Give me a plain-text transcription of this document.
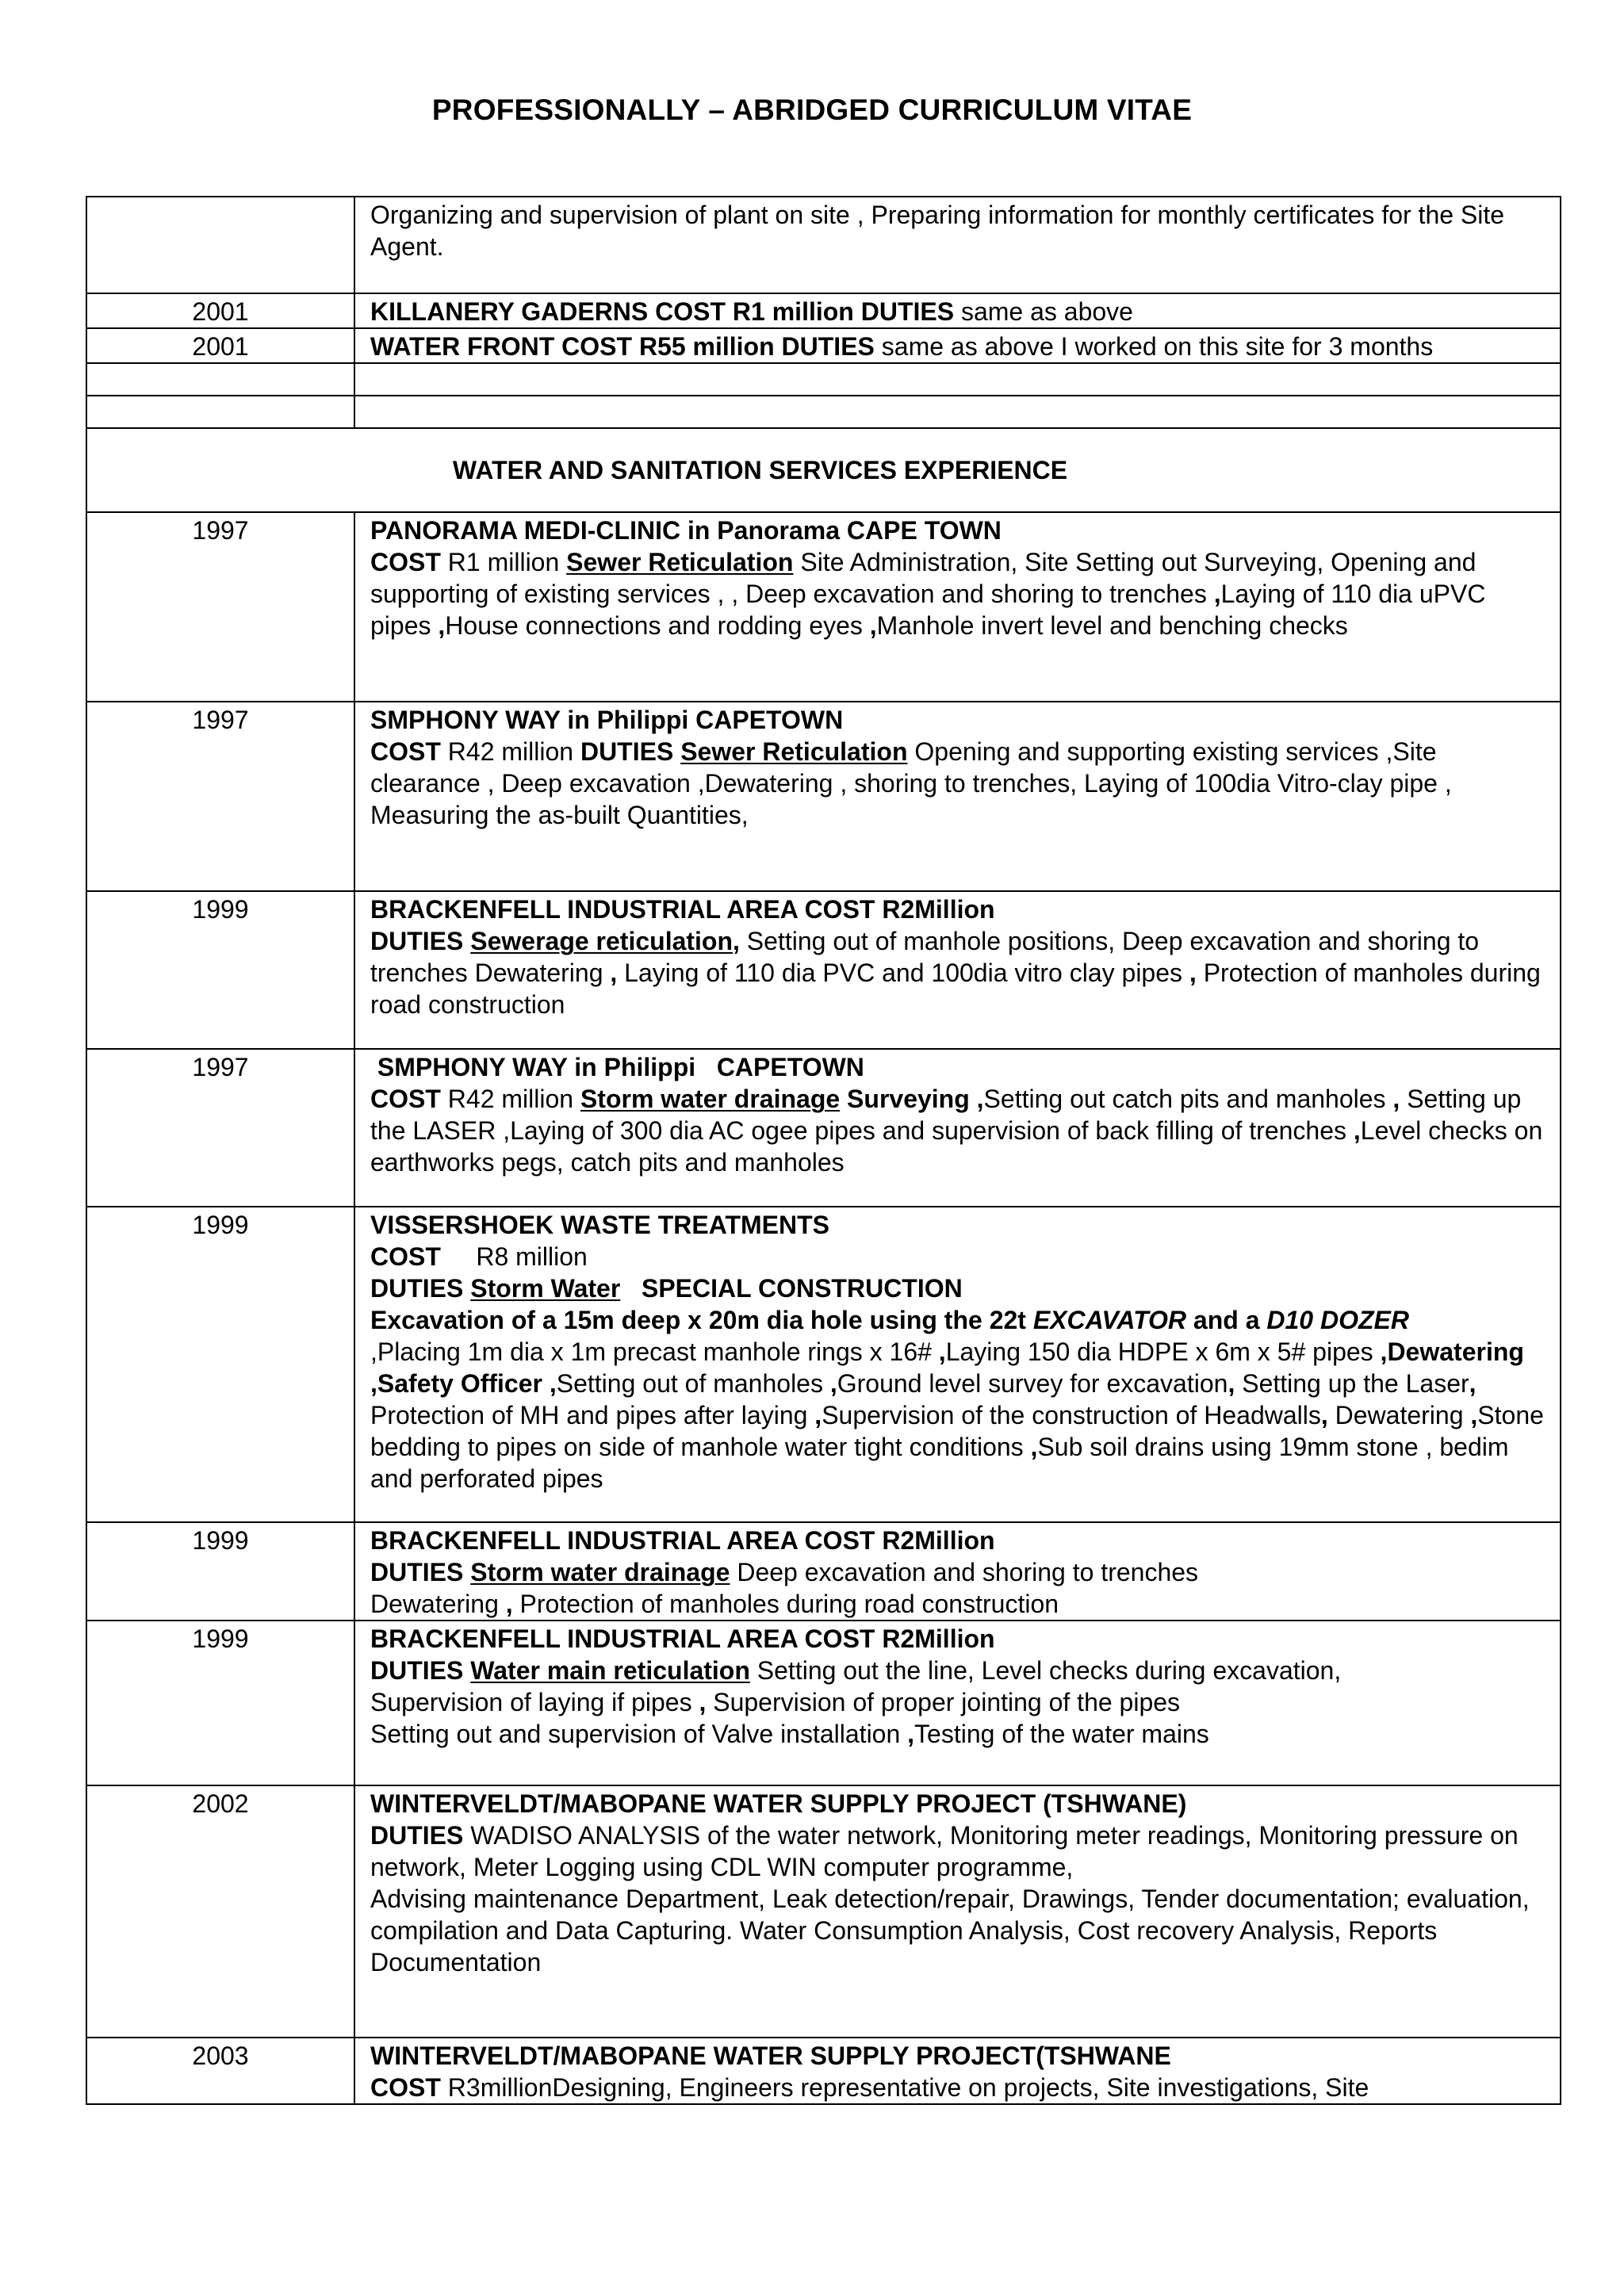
PROFESSIONALLY – ABRIDGED CURRICULUM VITAE
	Organizing and supervision of plant on site , Preparing information for monthly certificates for the Site Agent.
2001	KILLANERY GADERNS COST R1 million DUTIES same as above
2001	WATER FRONT COST R55 million DUTIES same as above I worked on this site for 3 months

WATER AND SANITATION SERVICES EXPERIENCE	
1997	PANORAMA MEDI-CLINIC in Panorama CAPE TOWN
COST R1 million Sewer Reticulation Site Administration, Site Setting out Surveying, Opening and supporting of existing services , , Deep excavation and shoring to trenches ,Laying of 110 dia uPVC pipes ,House connections and rodding eyes ,Manhole invert level and benching checks
1997	SMPHONY WAY in Philippi CAPETOWN
COST R42 million DUTIES Sewer Reticulation Opening and supporting existing services ,Site clearance , Deep excavation ,Dewatering , shoring to trenches, Laying of 100dia Vitro-clay pipe , Measuring the as-built Quantities,
1999	BRACKENFELL INDUSTRIAL AREA COST R2Million
DUTIES Sewerage reticulation, Setting out of manhole positions, Deep excavation and shoring to trenches Dewatering , Laying of 110 dia PVC and 100dia vitro clay pipes , Protection of manholes during road construction
1997	SMPHONY WAY in Philippi   CAPETOWN
COST R42 million Storm water drainage Surveying ,Setting out catch pits and manholes , Setting up the LASER ,Laying of 300 dia AC ogee pipes and supervision of back filling of trenches ,Level checks on earthworks pegs, catch pits and manholes
1999	VISSERSHOEK WASTE TREATMENTS
COST     R8 million
DUTIES Storm Water   SPECIAL CONSTRUCTION
Excavation of a 15m deep x 20m dia hole using the 22t EXCAVATOR and a D10 DOZER
,Placing 1m dia x 1m precast manhole rings x 16# ,Laying 150 dia HDPE x 6m x 5# pipes ,Dewatering ,Safety Officer ,Setting out of manholes ,Ground level survey for excavation, Setting up the Laser, Protection of MH and pipes after laying ,Supervision of the construction of Headwalls, Dewatering ,Stone bedding to pipes on side of manhole water tight conditions ,Sub soil drains using 19mm stone , bedim and perforated pipes
1999	BRACKENFELL INDUSTRIAL AREA COST R2Million
DUTIES Storm water drainage Deep excavation and shoring to trenches
Dewatering , Protection of manholes during road construction

1999	BRACKENFELL INDUSTRIAL AREA COST R2Million
DUTIES Water main reticulation Setting out the line, Level checks during excavation,
Supervision of laying if pipes , Supervision of proper jointing of the pipes
Setting out and supervision of Valve installation ,Testing of the water mains

2002	WINTERVELDT/MABOPANE WATER SUPPLY PROJECT (TSHWANE)
DUTIES WADISO ANALYSIS of the water network, Monitoring meter readings, Monitoring pressure on network, Meter Logging using CDL WIN computer programme,
Advising maintenance Department, Leak detection/repair, Drawings, Tender documentation; evaluation, compilation and Data Capturing. Water Consumption Analysis, Cost recovery Analysis, Reports Documentation

2003	WINTERVELDT/MABOPANE WATER SUPPLY PROJECT(TSHWANE
COST R3millionDesigning, Engineers representative on projects, Site investigations, Site
